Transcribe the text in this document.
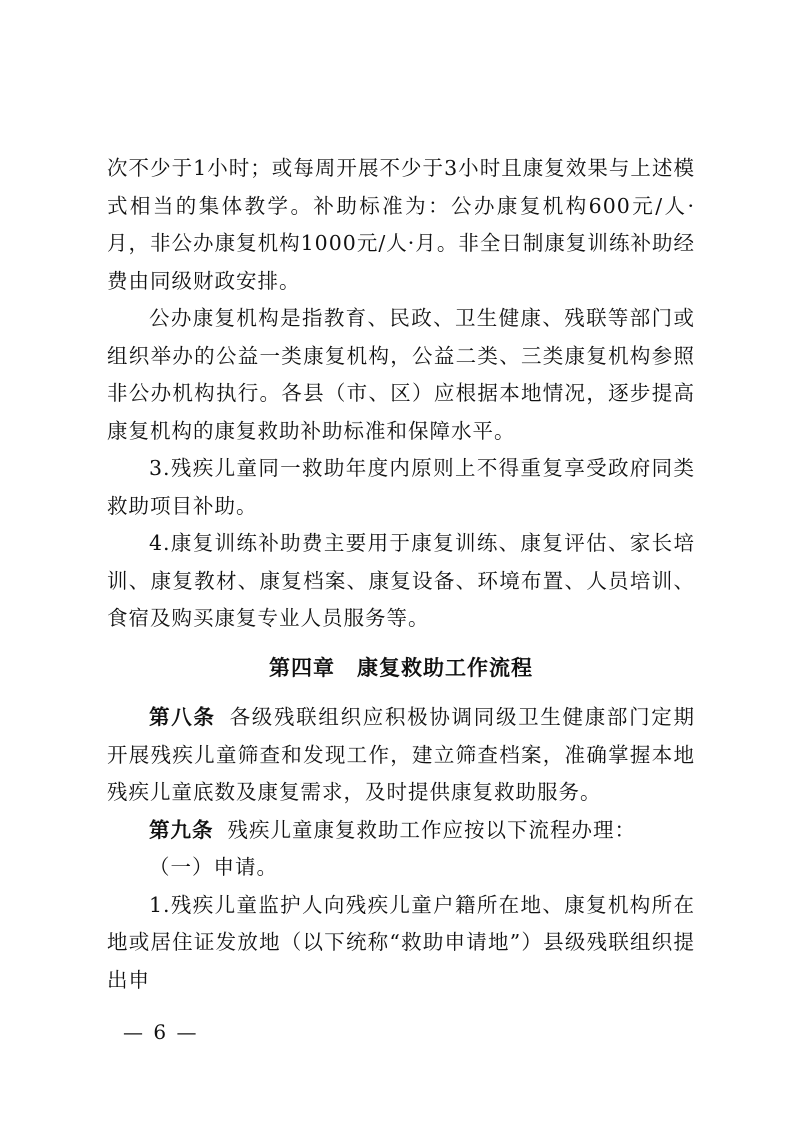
次不少于1小时；或每周开展不少于3小时且康复效果与上述模式相当的集体教学。补助标准为：公办康复机构600元/人·月，非公办康复机构1000元/人·月。非全日制康复训练补助经费由同级财政安排。

公办康复机构是指教育、民政、卫生健康、残联等部门或组织举办的公益一类康复机构，公益二类、三类康复机构参照非公办机构执行。各县（市、区）应根据本地情况，逐步提高康复机构的康复救助补助标准和保障水平。

3.残疾儿童同一救助年度内原则上不得重复享受政府同类救助项目补助。

4.康复训练补助费主要用于康复训练、康复评估、家长培训、康复教材、康复档案、康复设备、环境布置、人员培训、食宿及购买康复专业人员服务等。

第四章　康复救助工作流程

第八条 各级残联组织应积极协调同级卫生健康部门定期开展残疾儿童筛查和发现工作，建立筛查档案，准确掌握本地残疾儿童底数及康复需求，及时提供康复救助服务。

第九条 残疾儿童康复救助工作应按以下流程办理：

（一）申请。

1.残疾儿童监护人向残疾儿童户籍所在地、康复机构所在地或居住证发放地（以下统称“救助申请地”）县级残联组织提出申

— 6 —
